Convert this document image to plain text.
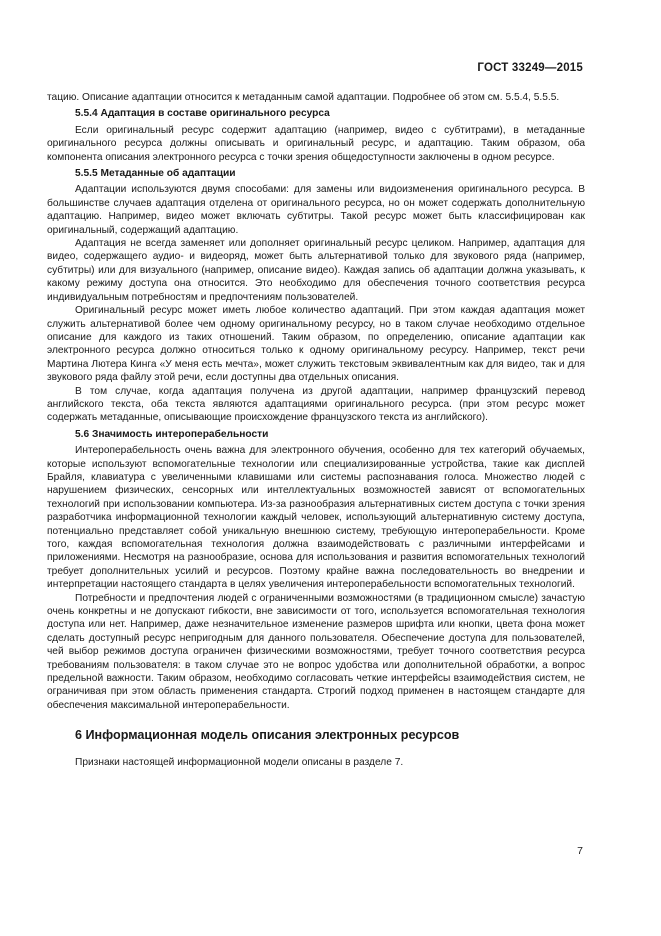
ГОСТ 33249—2015

тацию. Описание адаптации относится к метаданным самой адаптации. Подробнее об этом см. 5.5.4, 5.5.5.

5.5.4 Адаптация в составе оригинального ресурса

Если оригинальный ресурс содержит адаптацию (например, видео с субтитрами), в метаданные оригинального ресурса должны описывать и оригинальный ресурс, и адаптацию. Таким образом, оба компонента описания электронного ресурса с точки зрения общедоступности заключены в одном ресурсе.

5.5.5 Метаданные об адаптации

Адаптации используются двумя способами: для замены или видоизменения оригинального ресурса. В большинстве случаев адаптация отделена от оригинального ресурса, но он может содержать дополнительную адаптацию. Например, видео может включать субтитры. Такой ресурс может быть классифицирован как оригинальный, содержащий адаптацию.

Адаптация не всегда заменяет или дополняет оригинальный ресурс целиком. Например, адаптация для видео, содержащего аудио- и видеоряд, может быть альтернативой только для звукового ряда (например, субтитры) или для визуального (например, описание видео). Каждая запись об адаптации должна указывать, к какому режиму доступа она относится. Это необходимо для обеспечения точного соответствия ресурса индивидуальным потребностям и предпочтениям пользователей.

Оригинальный ресурс может иметь любое количество адаптаций. При этом каждая адаптация может служить альтернативой более чем одному оригинальному ресурсу, но в таком случае необходимо отдельное описание для каждого из таких отношений. Таким образом, по определению, описание адаптации как электронного ресурса должно относиться только к одному оригинальному ресурсу. Например, текст речи Мартина Лютера Кинга «У меня есть мечта», может служить текстовым эквивалентным как для видео, так и для звукового ряда файлу этой речи, если доступны два отдельных описания.

В том случае, когда адаптация получена из другой адаптации, например французский перевод английского текста, оба текста являются адаптациями оригинального ресурса. (при этом ресурс может содержать метаданные, описывающие происхождение французского текста из английского).

5.6 Значимость интероперабельности

Интероперабельность очень важна для электронного обучения, особенно для тех категорий обучаемых, которые используют вспомогательные технологии или специализированные устройства, такие как дисплей Брайля, клавиатура с увеличенными клавишами или системы распознавания голоса. Множество людей с нарушением физических, сенсорных или интеллектуальных возможностей зависят от вспомогательных технологий при использовании компьютера. Из-за разнообразия альтернативных систем доступа с точки зрения разработчика информационной технологии каждый человек, использующий альтернативную систему доступа, потенциально представляет собой уникальную внешнюю систему, требующую интероперабельности. Кроме того, каждая вспомогательная технология должна взаимодействовать с различными интерфейсами и приложениями. Несмотря на разнообразие, основа для использования и развития вспомогательных технологий требует дополнительных усилий и ресурсов. Поэтому крайне важна последовательность во внедрении и интерпретации настоящего стандарта в целях увеличения интероперабельности вспомогательных технологий.

Потребности и предпочтения людей с ограниченными возможностями (в традиционном смысле) зачастую очень конкретны и не допускают гибкости, вне зависимости от того, используется вспомогательная технология доступа или нет. Например, даже незначительное изменение размеров шрифта или кнопки, цвета фона может сделать доступный ресурс непригодным для данного пользователя. Обеспечение доступа для пользователей, чей выбор режимов доступа ограничен физическими возможностями, требует точного соответствия ресурса требованиям пользователя: в таком случае это не вопрос удобства или дополнительной обработки, а вопрос предельной важности. Таким образом, необходимо согласовать четкие интерфейсы взаимодействия систем, не ограничивая при этом область применения стандарта. Строгий подход применен в настоящем стандарте для обеспечения максимальной интероперабельности.

6 Информационная модель описания электронных ресурсов

Признаки настоящей информационной модели описаны в разделе 7.

7
